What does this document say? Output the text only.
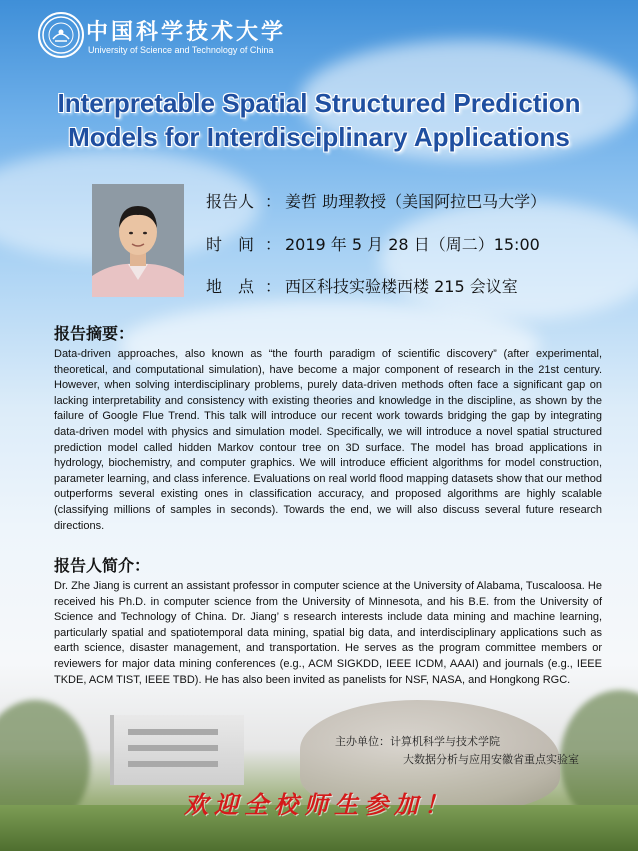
中国科学技术大学
University of Science and Technology of China
Interpretable Spatial Structured Prediction
Models for Interdisciplinary Applications
报告人 ： 姜哲 助理教授（美国阿拉巴马大学）
时　间 ： 2019 年 5 月 28 日（周二）15:00
地　点 ： 西区科技实验楼西楼 215 会议室
报告摘要：

Data-driven approaches, also known as “the fourth paradigm of scientific discovery” (after experimental, theoretical, and computational simulation), have become a major component of research in the 21st century. However, when solving interdisciplinary problems, purely data-driven methods often face a significant gap on lacking interpretability and consistency with existing theories and knowledge in the discipline, as shown by the failure of Google Flue Trend. This talk will introduce our recent work towards bridging the gap by integrating data-driven model with physics and simulation model. Specifically, we will introduce a novel spatial structured prediction model called hidden Markov contour tree on 3D surface. The model has broad applications in hydrology, biochemistry, and computer graphics. We will introduce efficient algorithms for model construction, parameter learning, and class inference. Evaluations on real world flood mapping datasets show that our method outperforms several existing ones in classification accuracy, and proposed algorithms are highly scalable (classifying millions of samples in seconds). Towards the end, we will also discuss several future research directions.

报告人简介：

Dr. Zhe Jiang is current an assistant professor in computer science at the University of Alabama, Tuscaloosa. He received his Ph.D. in computer science from the University of Minnesota, and his B.E. from the University of Science and Technology of China. Dr. Jiang’ s research interests include data mining and machine learning, particularly spatial and spatiotemporal data mining, spatial big data, and interdisciplinary applications such as earth science, disaster management, and transportation. He serves as the program committee members or reviewers for major data mining conferences (e.g., ACM SIGKDD, IEEE ICDM, AAAI) and journals (e.g., IEEE TKDE, ACM TIST, IEEE TBD). He has also been invited as panelists for NSF, NASA, and Hongkong RGC.

主办单位：计算机科学与技术学院
大数据分析与应用安徽省重点实验室
欢迎全校师生参加！
